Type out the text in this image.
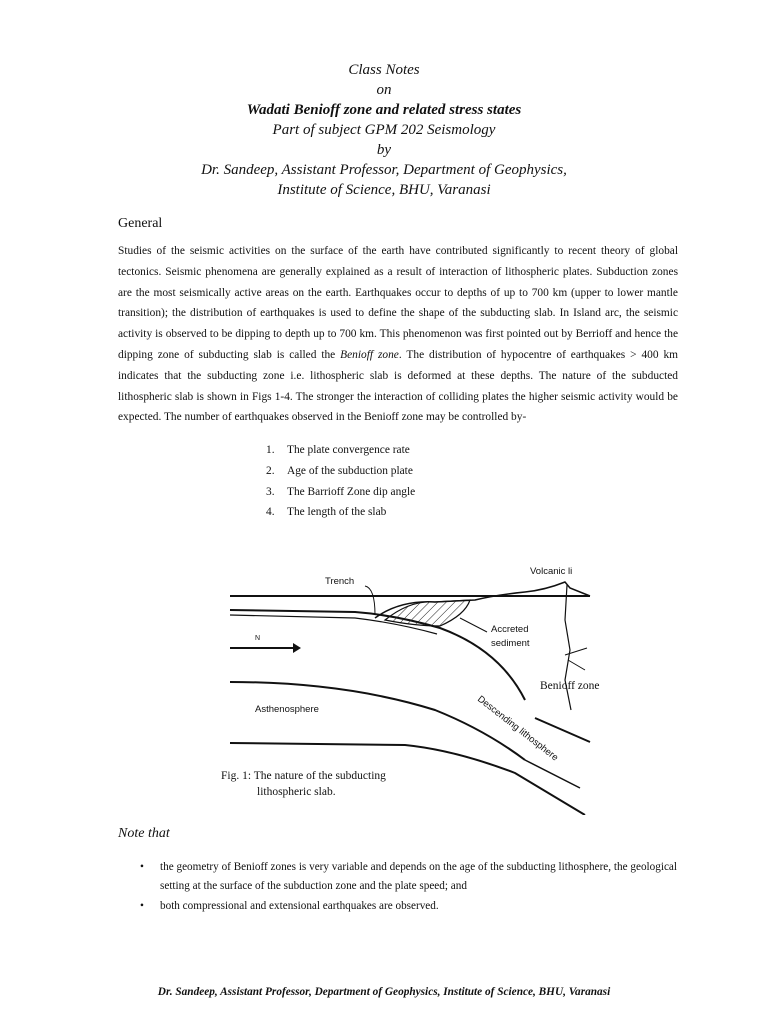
Class Notes
on
Wadati Benioff zone and related stress states
Part of subject GPM 202 Seismology
by
Dr. Sandeep, Assistant Professor, Department of Geophysics,
Institute of Science, BHU, Varanasi
General

Studies of the seismic activities on the surface of the earth have contributed significantly to recent theory of global tectonics. Seismic phenomena are generally explained as a result of interaction of lithospheric plates. Subduction zones are the most seismically active areas on the earth. Earthquakes occur to depths of up to 700 km (upper to lower mantle transition); the distribution of earthquakes is used to define the shape of the subducting slab. In Island arc, the seismic activity is observed to be dipping to depth up to 700 km. This phenomenon was first pointed out by Berrioff and hence the dipping zone of subducting slab is called the Benioff zone. The distribution of hypocentre of earthquakes > 400 km indicates that the subducting zone i.e. lithospheric slab is deformed at these depths. The nature of the subducted lithospheric slab is shown in Figs 1-4. The stronger the interaction of colliding plates the higher seismic activity would be expected. The number of earthquakes observed in the Benioff zone may be controlled by-

1. The plate convergence rate
2. Age of the subduction plate
3. The Barrioff Zone dip angle
4. The length of the slab
Trench
Volcanic li
Accreted
sediment
N
Asthenosphere	Descending lithosphere
Benioff zone
Fig. 1: The nature of the subducting
lithospheric slab.
Note that
• the geometry of Benioff zones is very variable and depends on the age of the subducting lithosphere, the geological setting at the surface of the subduction zone and the plate speed; and
• both compressional and extensional earthquakes are observed.
Dr. Sandeep, Assistant Professor, Department of Geophysics, Institute of Science, BHU, Varanasi
